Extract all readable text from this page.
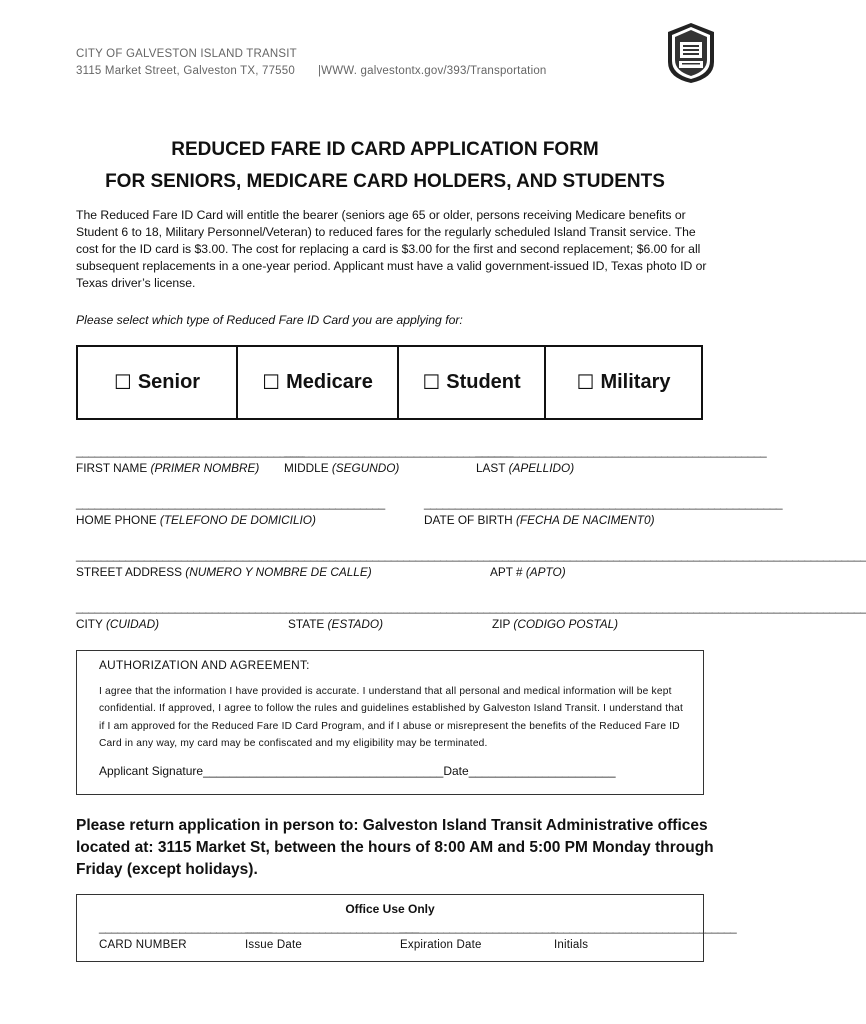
CITY OF GALVESTON ISLAND TRANSIT
3115 Market Street, Galveston TX, 77550 |WWW. galvestontx.gov/393/Transportation
REDUCED FARE ID CARD APPLICATION FORM
FOR SENIORS, MEDICARE CARD HOLDERS, AND STUDENTS
The Reduced Fare ID Card will entitle the bearer (seniors age 65 or older, persons receiving Medicare benefits or Student 6 to 18, Military Personnel/Veteran) to reduced fares for the regularly scheduled Island Transit service. The cost for the ID card is $3.00. The cost for replacing a card is $3.00 for the first and second replacement; $6.00 for all subsequent replacements in a one-year period. Applicant must have a valid government-issued ID, Texas photo ID or Texas driver’s license.
Please select which type of Reduced Fare ID Card you are applying for:
☐ Senior	☐ Medicare ☐ Student	☐ Military
_____________________________________
_____________________________________
_______________________________________________
FIRST NAME (PRIMER NOMBRE) MIDDLE (SEGUNDO)	LAST (APELLIDO)
__________________________________________________	__________________________________________________________
HOME PHONE (TELEFONO DE DOMICILIO)	DATE OF BIRTH (FECHA DE NACIMENT0)
________________________________________________________________________________________________________________________________
STREET ADDRESS (NUMERO Y NOMBRE DE CALLE)	APT # (APTO)
________________________________________________________________________________________________________________________________
CITY (CUIDAD)	STATE (ESTADO)	ZIP (CODIGO POSTAL)
AUTHORIZATION AND AGREEMENT:
I agree that the information I have provided is accurate. I understand that all personal and medical information will be kept confidential. If approved, I agree to follow the rules and guidelines established by Galveston Island Transit. I understand that if I am approved for the Reduced Fare ID Card Program, and if I abuse or misrepresent the benefits of the Reduced Fare ID Card in any way, my card may be confiscated and my eligibility may be terminated.
Applicant Signature____________________________________Date______________________
Please return application in person to: Galveston Island Transit Administrative offices located at: 3115 Market St, between the hours of 8:00 AM and 5:00 PM Monday through Friday (except holidays).
Office Use Only
____________________________
____________________________
_________________________
______________________________
CARD NUMBER	Issue Date	Expiration Date	Initials
